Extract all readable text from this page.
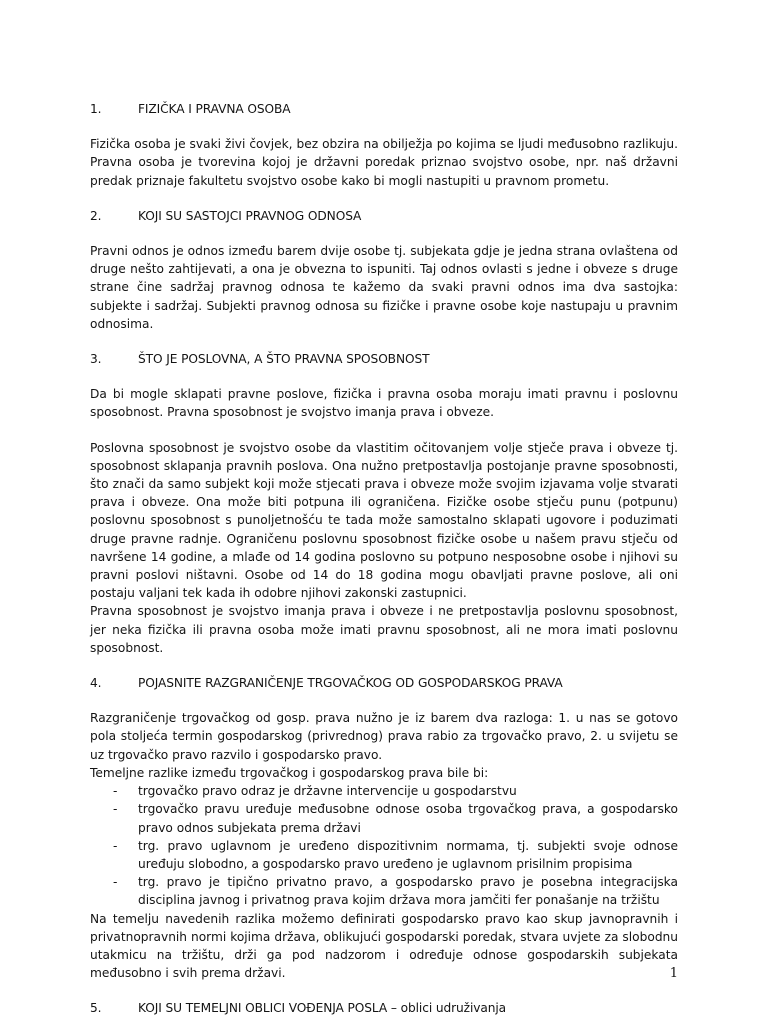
1.	FIZIČKA I PRAVNA OSOBA

Fizička osoba je svaki živi čovjek, bez obzira na obilježja po kojima se ljudi međusobno razlikuju. Pravna osoba je tvorevina kojoj je državni poredak priznao svojstvo osobe, npr. naš državni predak priznaje fakultetu svojstvo osobe kako bi mogli nastupiti u pravnom prometu.

2.	KOJI SU SASTOJCI PRAVNOG ODNOSA

Pravni odnos je odnos između barem dvije osobe tj. subjekata gdje je jedna strana ovlaštena od druge nešto zahtijevati, a ona je obvezna to ispuniti. Taj odnos ovlasti s jedne i obveze s druge strane čine sadržaj pravnog odnosa te kažemo da svaki pravni odnos ima dva sastojka: subjekte i sadržaj. Subjekti pravnog odnosa su fizičke i pravne osobe koje nastupaju u pravnim odnosima.

3.	ŠTO JE POSLOVNA, A ŠTO PRAVNA SPOSOBNOST

Da bi mogle sklapati pravne poslove, fizička i pravna osoba moraju imati pravnu i poslovnu sposobnost. Pravna sposobnost je svojstvo imanja prava i obveze.

Poslovna sposobnost je svojstvo osobe da vlastitim očitovanjem volje stječe prava i obveze tj. sposobnost sklapanja pravnih poslova. Ona nužno pretpostavlja postojanje pravne sposobnosti, što znači da samo subjekt koji može stjecati prava i obveze može svojim izjavama volje stvarati prava i obveze. Ona može biti potpuna ili ograničena. Fizičke osobe stječu punu (potpunu) poslovnu sposobnost s punoljetnošću te tada može samostalno sklapati ugovore i poduzimati druge pravne radnje. Ograničenu poslovnu sposobnost fizičke osobe u našem pravu stječu od navršene 14 godine, a mlađe od 14 godina poslovno su potpuno nesposobne osobe i njihovi su pravni poslovi ništavni. Osobe od 14 do 18 godina mogu obavljati pravne poslove, ali oni postaju valjani tek kada ih odobre njihovi zakonski zastupnici.

Pravna sposobnost je svojstvo imanja prava i obveze i ne pretpostavlja poslovnu sposobnost, jer neka fizička ili pravna osoba može imati pravnu sposobnost, ali ne mora imati poslovnu sposobnost.

4.	POJASNITE RAZGRANIČENJE TRGOVAČKOG OD GOSPODARSKOG PRAVA

Razgraničenje trgovačkog od gosp. prava nužno je iz barem dva razloga: 1. u nas se gotovo pola stoljeća termin gospodarskog (privrednog) prava rabio za trgovačko pravo, 2. u svijetu se uz trgovačko pravo razvilo i gospodarsko pravo.

Temeljne razlike između trgovačkog i gospodarskog prava bile bi:

- trgovačko pravo odraz je državne intervencije u gospodarstvu
- trgovačko pravu uređuje međusobne odnose osoba trgovačkog prava, a gospodarsko pravo odnos subjekata prema državi
- trg. pravo uglavnom je uređeno dispozitivnim normama, tj. subjekti svoje odnose uređuju slobodno, a gospodarsko pravo uređeno je uglavnom prisilnim propisima
- trg. pravo je tipično privatno pravo, a gospodarsko pravo je posebna integracijska disciplina javnog i privatnog prava kojim država mora jamčiti fer ponašanje na tržištu

Na temelju navedenih razlika možemo definirati gospodarsko pravo kao skup javnopravnih i privatnopravnih normi kojima država, oblikujući gospodarski poredak, stvara uvjete za slobodnu utakmicu na tržištu, drži ga pod nadzorom i određuje odnose gospodarskih subjekata međusobno i svih prema državi.

5.	KOJI SU TEMELJNI OBLICI VOĐENJA POSLA – oblici udruživanja
1
